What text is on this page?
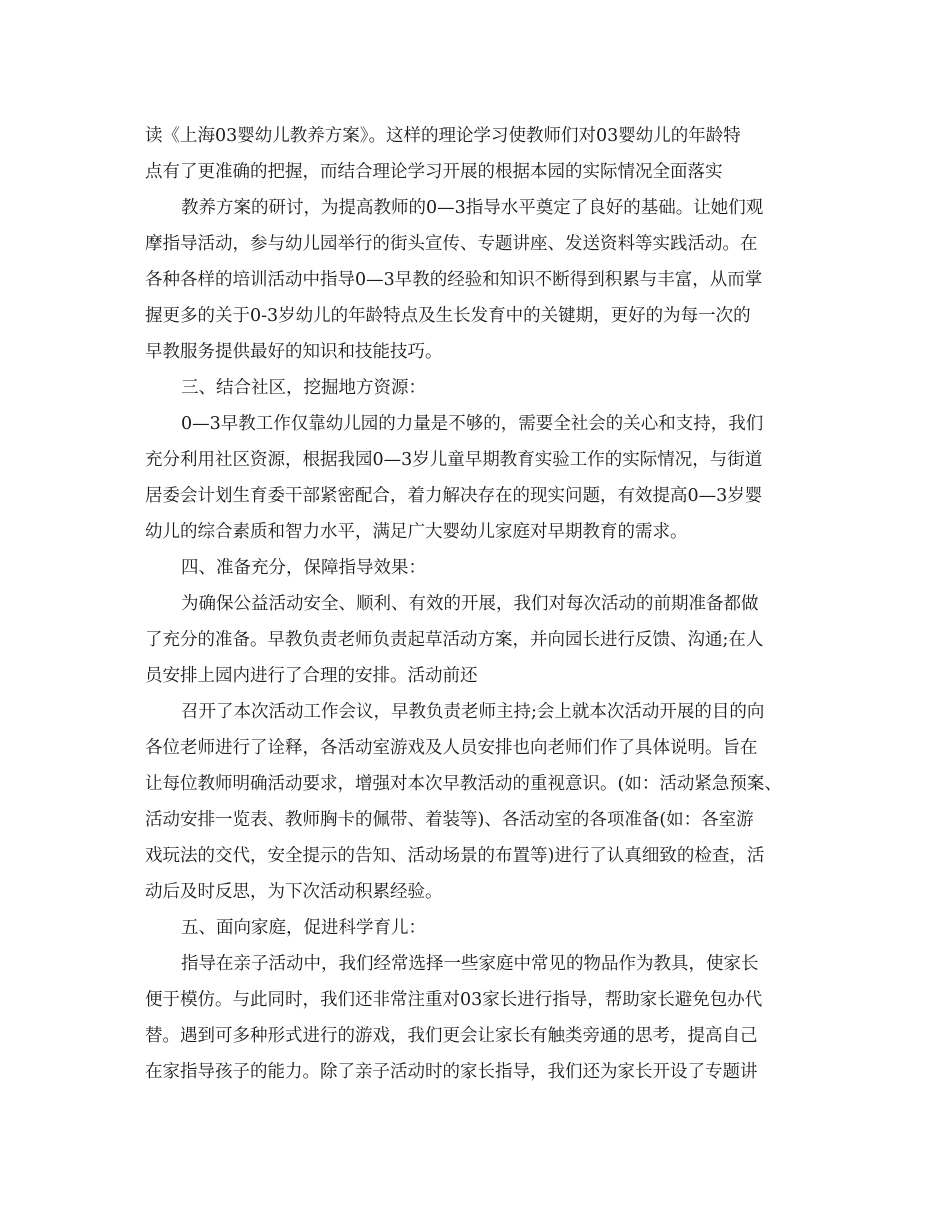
读《上海03婴幼儿教养方案》。这样的理论学习使教师们对03婴幼儿的年龄特
点有了更准确的把握，而结合理论学习开展的根据本园的实际情况全面落实
教养方案的研讨，为提高教师的0—3指导水平奠定了良好的基础。让她们观
摩指导活动，参与幼儿园举行的街头宣传、专题讲座、发送资料等实践活动。在
各种各样的培训活动中指导0—3早教的经验和知识不断得到积累与丰富，从而掌
握更多的关于0-3岁幼儿的年龄特点及生长发育中的关键期，更好的为每一次的
早教服务提供最好的知识和技能技巧。
三、结合社区，挖掘地方资源：
0—3早教工作仅靠幼儿园的力量是不够的，需要全社会的关心和支持，我们
充分利用社区资源，根据我园0—3岁儿童早期教育实验工作的实际情况，与街道
居委会计划生育委干部紧密配合，着力解决存在的现实问题，有效提高0—3岁婴
幼儿的综合素质和智力水平，满足广大婴幼儿家庭对早期教育的需求。
四、准备充分，保障指导效果：
为确保公益活动安全、顺利、有效的开展，我们对每次活动的前期准备都做
了充分的准备。早教负责老师负责起草活动方案，并向园长进行反馈、沟通;在人
员安排上园内进行了合理的安排。活动前还
召开了本次活动工作会议，早教负责老师主持;会上就本次活动开展的目的向
各位老师进行了诠释，各活动室游戏及人员安排也向老师们作了具体说明。旨在
让每位教师明确活动要求，增强对本次早教活动的重视意识。(如：活动紧急预案、
活动安排一览表、教师胸卡的佩带、着装等)、各活动室的各项准备(如：各室游
戏玩法的交代，安全提示的告知、活动场景的布置等)进行了认真细致的检查，活
动后及时反思，为下次活动积累经验。
五、面向家庭，促进科学育儿：
指导在亲子活动中，我们经常选择一些家庭中常见的物品作为教具，使家长
便于模仿。与此同时，我们还非常注重对03家长进行指导，帮助家长避免包办代
替。遇到可多种形式进行的游戏，我们更会让家长有触类旁通的思考，提高自己
在家指导孩子的能力。除了亲子活动时的家长指导，我们还为家长开设了专题讲
